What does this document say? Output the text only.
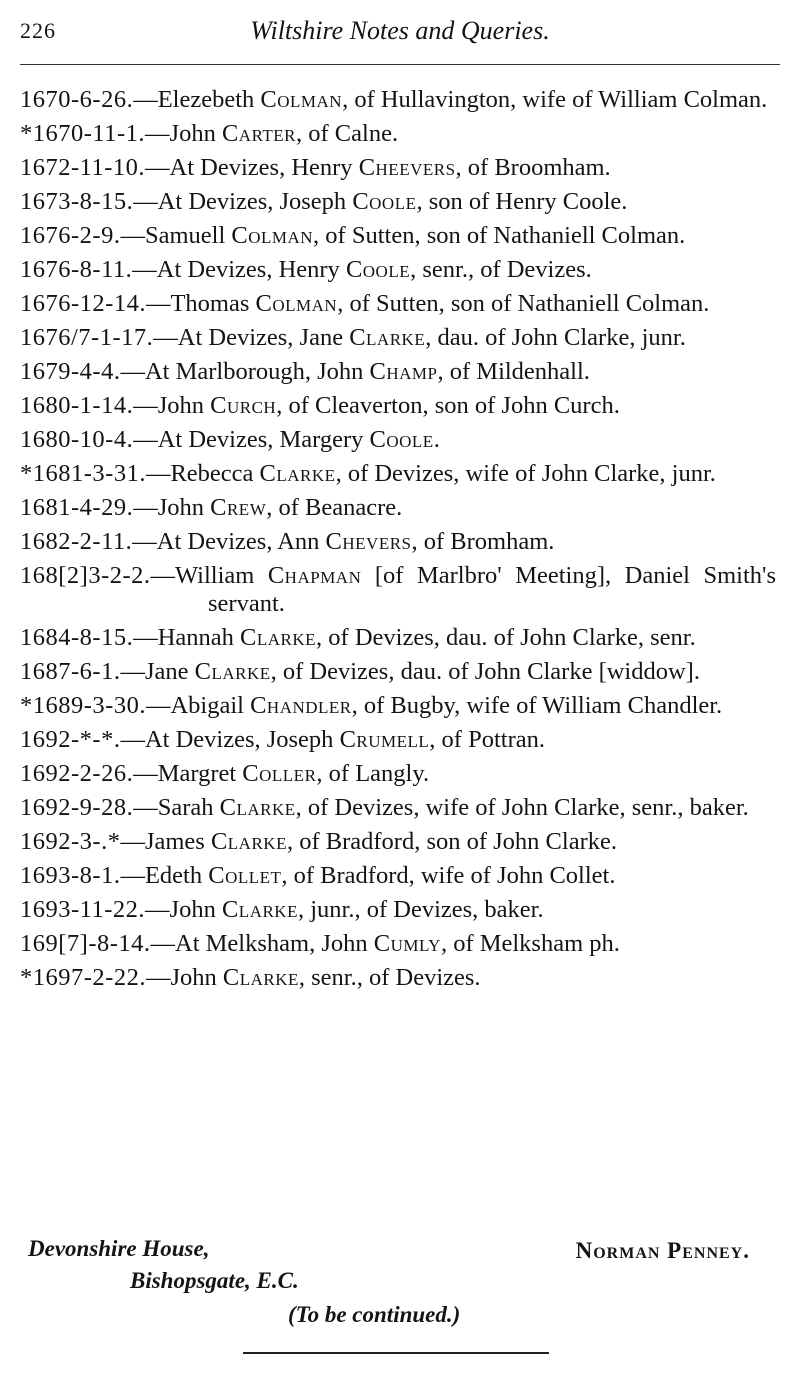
226	Wiltshire Notes and Queries.
1670-6-26.—Elezebeth Colman, of Hullavington, wife of William Colman.
*1670-11-1.—John Carter, of Calne.
1672-11-10.—At Devizes, Henry Cheevers, of Broomham.
1673-8-15.—At Devizes, Joseph Coole, son of Henry Coole.
1676-2-9.—Samuell Colman, of Sutten, son of Nathaniell Colman.
1676-8-11.—At Devizes, Henry Coole, senr., of Devizes.
1676-12-14.—Thomas Colman, of Sutten, son of Nathaniell Colman.
1676/7-1-17.—At Devizes, Jane Clarke, dau. of John Clarke, junr.
1679-4-4.—At Marlborough, John Champ, of Mildenhall.
1680-1-14.—John Curch, of Cleaverton, son of John Curch.
1680-10-4.—At Devizes, Margery Coole.
*1681-3-31.—Rebecca Clarke, of Devizes, wife of John Clarke, junr.
1681-4-29.—John Crew, of Beanacre.
1682-2-11.—At Devizes, Ann Chevers, of Bromham.
168[2]3-2-2.—William Chapman [of Marlbro' Meeting], Daniel Smith's servant.
1684-8-15.—Hannah Clarke, of Devizes, dau. of John Clarke, senr.
1687-6-1.—Jane Clarke, of Devizes, dau. of John Clarke [widdow].
*1689-3-30.—Abigail Chandler, of Bugby, wife of William Chandler.
1692-*-*.—At Devizes, Joseph Crumell, of Pottran.
1692-2-26.—Margret Coller, of Langly.
1692-9-28.—Sarah Clarke, of Devizes, wife of John Clarke, senr., baker.
1692-3-.*—James Clarke, of Bradford, son of John Clarke.
1693-8-1.—Edeth Collet, of Bradford, wife of John Collet.
1693-11-22.—John Clarke, junr., of Devizes, baker.
169[7]-8-14.—At Melksham, John Cumly, of Melksham ph.
*1697-2-22.—John Clarke, senr., of Devizes.
Devonshire House,	Norman Penney.
Bishopsgate, E.C.
(To be continued.)
